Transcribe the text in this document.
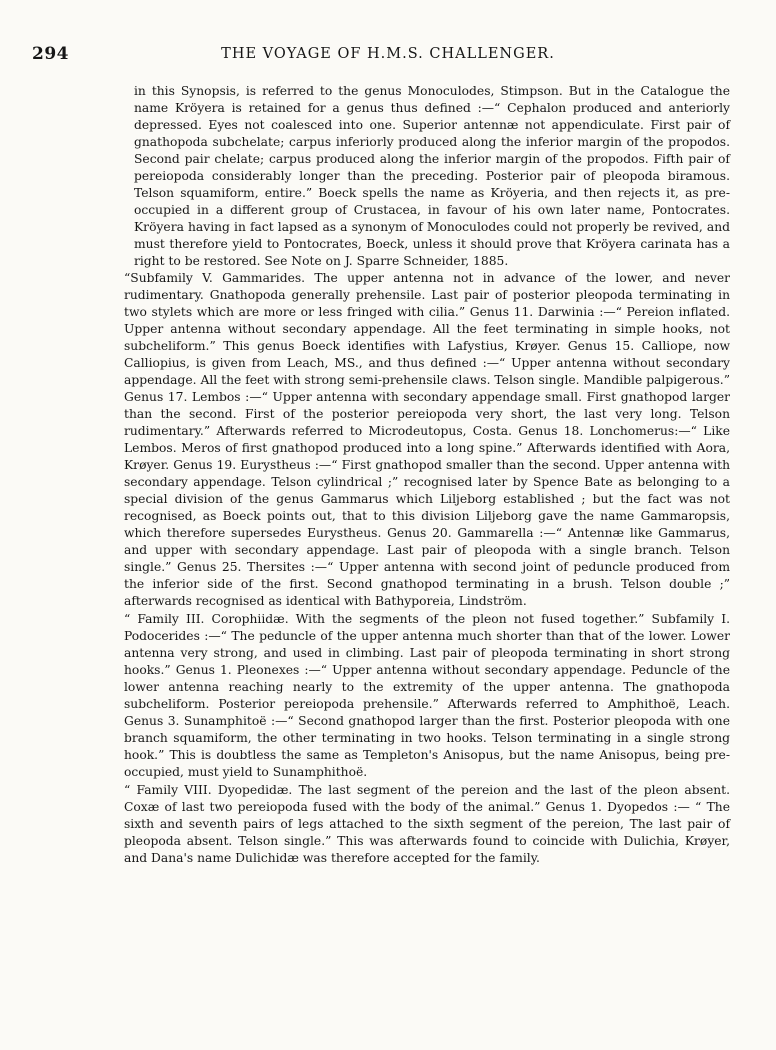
294	THE VOYAGE OF H.M.S. CHALLENGER.

in this Synopsis, is referred to the genus Monoculodes, Stimpson. But in the Catalogue the name Kröyera is retained for a genus thus defined :—“ Cephalon produced and anteriorly depressed. Eyes not coalesced into one. Superior antennæ not appendiculate. First pair of gnathopoda subchelate; carpus inferiorly produced along the inferior margin of the propodos. Second pair chelate; carpus produced along the inferior margin of the propodos. Fifth pair of pereiopoda considerably longer than the preceding. Posterior pair of pleopoda biramous. Telson squamiform, entire.” Boeck spells the name as Kröyeria, and then rejects it, as pre-occupied in a different group of Crustacea, in favour of his own later name, Pontocrates. Kröyera having in fact lapsed as a synonym of Monoculodes could not properly be revived, and must therefore yield to Pontocrates, Boeck, unless it should prove that Kröyera carinata has a right to be restored. See Note on J. Sparre Schneider, 1885.

“Subfamily V. Gammarides. The upper antenna not in advance of the lower, and never rudimentary. Gnathopoda generally prehensile. Last pair of posterior pleopoda terminating in two stylets which are more or less fringed with cilia.” Genus 11. Darwinia :—“ Pereion inflated. Upper antenna without secondary appendage. All the feet terminating in simple hooks, not subcheliform.” This genus Boeck identifies with Lafystius, Krøyer. Genus 15. Calliope, now Calliopius, is given from Leach, MS., and thus defined :—“ Upper antenna without secondary appendage. All the feet with strong semi-prehensile claws. Telson single. Mandible palpigerous.” Genus 17. Lembos :—“ Upper antenna with secondary appendage small. First gnathopod larger than the second. First of the posterior pereiopoda very short, the last very long. Telson rudimentary.” Afterwards referred to Microdeutopus, Costa. Genus 18. Lonchomerus:—“ Like Lembos. Meros of first gnathopod produced into a long spine.” Afterwards identified with Aora, Krøyer. Genus 19. Eurystheus :—“ First gnathopod smaller than the second. Upper antenna with secondary appendage. Telson cylindrical ;” recognised later by Spence Bate as belonging to a special division of the genus Gammarus which Liljeborg established ; but the fact was not recognised, as Boeck points out, that to this division Liljeborg gave the name Gammaropsis, which therefore supersedes Eurystheus. Genus 20. Gammarella :—“ Antennæ like Gammarus, and upper with secondary appendage. Last pair of pleopoda with a single branch. Telson single.” Genus 25. Thersites :—“ Upper antenna with second joint of peduncle produced from the inferior side of the first. Second gnathopod terminating in a brush. Telson double ;” afterwards recognised as identical with Bathyporeia, Lindström.

“ Family III. Corophiidæ. With the segments of the pleon not fused together.” Subfamily I. Podocerides :—“ The peduncle of the upper antenna much shorter than that of the lower. Lower antenna very strong, and used in climbing. Last pair of pleopoda terminating in short strong hooks.” Genus 1. Pleonexes :—“ Upper antenna without secondary appendage. Peduncle of the lower antenna reaching nearly to the extremity of the upper antenna. The gnathopoda subcheliform. Posterior pereiopoda prehensile.” Afterwards referred to Amphithoë, Leach. Genus 3. Sunamphitoë :—“ Second gnathopod larger than the first. Posterior pleopoda with one branch squamiform, the other terminating in two hooks. Telson terminating in a single strong hook.” This is doubtless the same as Templeton's Anisopus, but the name Anisopus, being pre-occupied, must yield to Sunamphithoë.

“ Family VIII. Dyopedidæ. The last segment of the pereion and the last of the pleon absent. Coxæ of last two pereiopoda fused with the body of the animal.” Genus 1. Dyopedos :— “ The sixth and seventh pairs of legs attached to the sixth segment of the pereion, The last pair of pleopoda absent. Telson single.” This was afterwards found to coincide with Dulichia, Krøyer, and Dana's name Dulichidæ was therefore accepted for the family.
